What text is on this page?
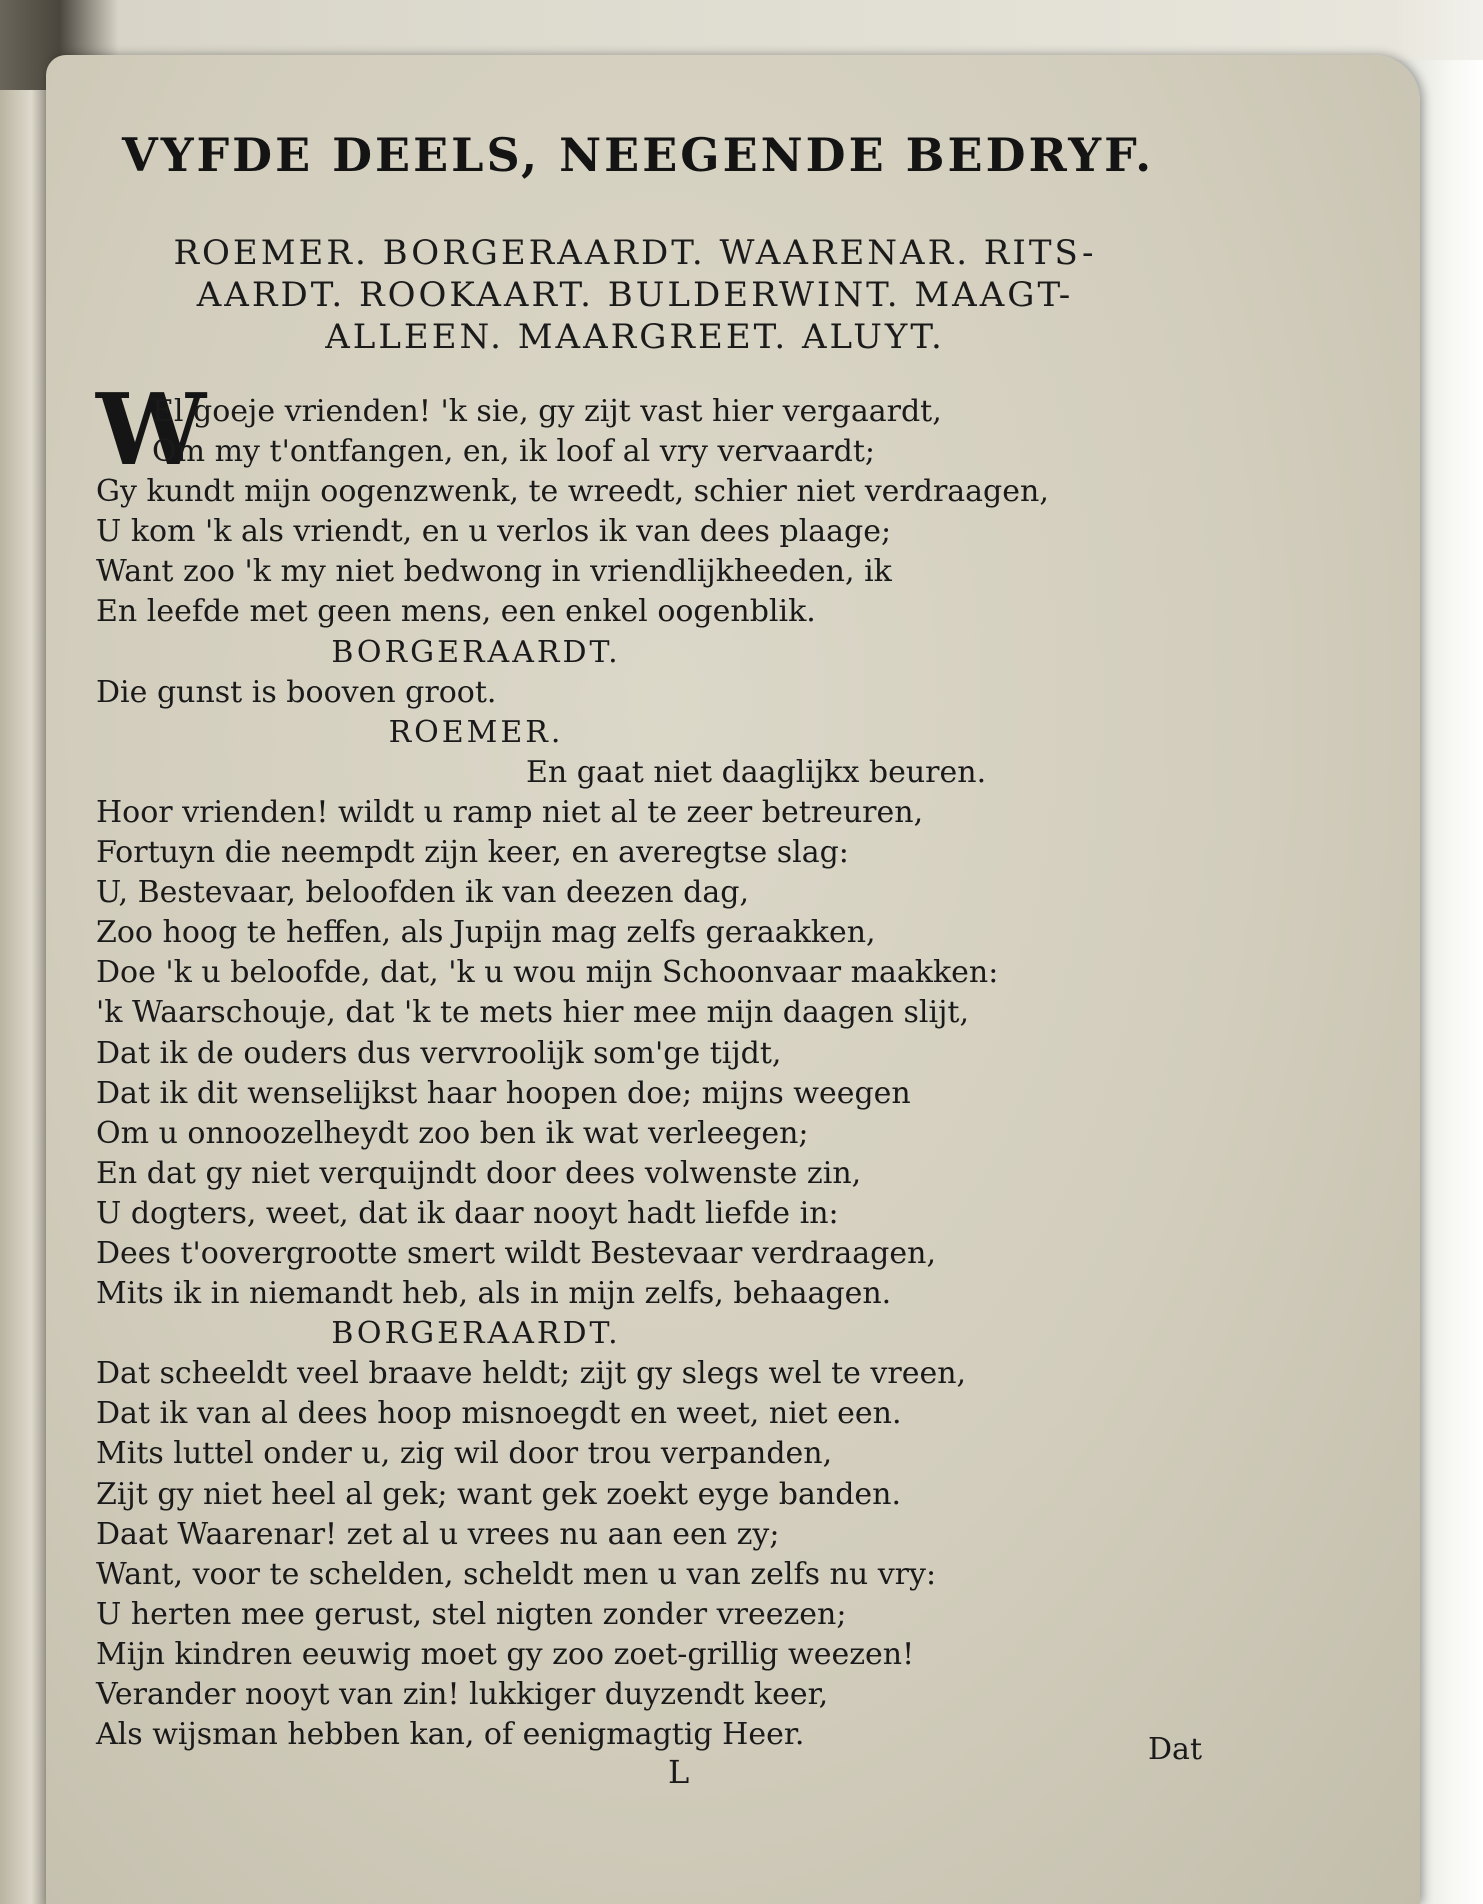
VYFDE DEELS, NEEGENDE BEDRYF.
ROEMER. BORGERAARDT. WAARENAR. RITS-
AARDT. ROOKAART. BULDERWINT. MAAGT-
ALLEEN. MAARGREET. ALUYT.
W
El goeje vrienden! 'k sie, gy zijt vast hier vergaardt,
Om my t'ontfangen, en, ik loof al vry vervaardt;
Gy kundt mijn oogenzwenk, te wreedt, schier niet verdraagen,
U kom 'k als vriendt, en u verlos ik van dees plaage;
Want zoo 'k my niet bedwong in vriendlijkheeden, ik
En leefde met geen mens, een enkel oogenblik.
BORGERAARDT.
Die gunst is booven groot.
ROEMER.
En gaat niet daaglijkx beuren.
Hoor vrienden! wildt u ramp niet al te zeer betreuren,
Fortuyn die neempdt zijn keer, en averegtse slag:
U, Bestevaar, beloofden ik van deezen dag,
Zoo hoog te heffen, als Jupijn mag zelfs geraakken,
Doe 'k u beloofde, dat, 'k u wou mijn Schoonvaar maakken:
'k Waarschouje, dat 'k te mets hier mee mijn daagen slijt,
Dat ik de ouders dus vervroolijk som'ge tijdt,
Dat ik dit wenselijkst haar hoopen doe; mijns weegen
Om u onnoozelheydt zoo ben ik wat verleegen;
En dat gy niet verquijndt door dees volwenste zin,
U dogters, weet, dat ik daar nooyt hadt liefde in:
Dees t'oovergrootte smert wildt Bestevaar verdraagen,
Mits ik in niemandt heb, als in mijn zelfs, behaagen.
BORGERAARDT.
Dat scheeldt veel braave heldt; zijt gy slegs wel te vreen,
Dat ik van al dees hoop misnoegdt en weet, niet een.
Mits luttel onder u, zig wil door trou verpanden,
Zijt gy niet heel al gek; want gek zoekt eyge banden.
Daat Waarenar! zet al u vrees nu aan een zy;
Want, voor te schelden, scheldt men u van zelfs nu vry:
U herten mee gerust, stel nigten zonder vreezen;
Mijn kindren eeuwig moet gy zoo zoet-grillig weezen!
Verander nooyt van zin! lukkiger duyzendt keer,
Als wijsman hebben kan, of eenigmagtig Heer.
L
Dat
